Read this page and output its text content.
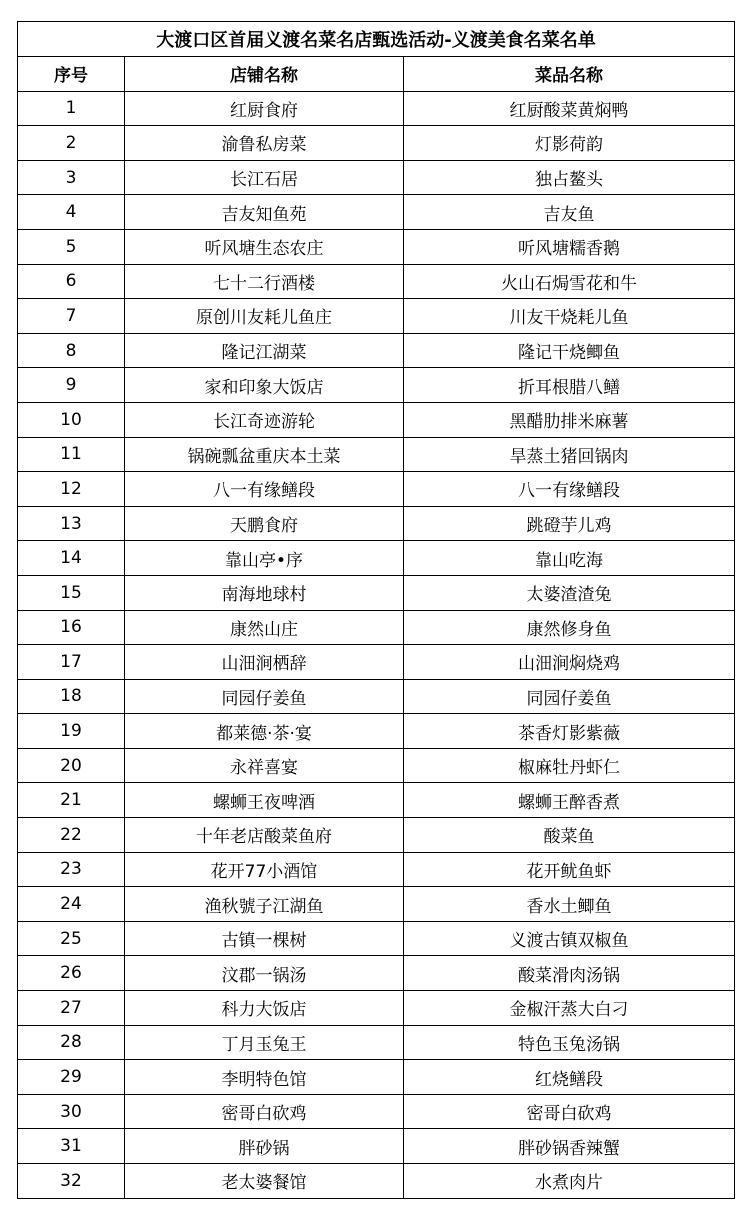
大渡口区首届义渡名菜名店甄选活动-义渡美食名菜名单		
序号	店铺名称	菜品名称
1	红厨食府	红厨酸菜黄焖鸭
2	渝鲁私房菜	灯影荷韵
3	长江石居	独占鳌头
4	吉友知鱼苑	吉友鱼
5	听风塘生态农庄	听风塘糯香鹅
6	七十二行酒楼	火山石焗雪花和牛
7	原创川友耗儿鱼庄	川友干烧耗儿鱼
8	隆记江湖菜	隆记干烧鲫鱼
9	家和印象大饭店	折耳根腊八鳝
10	长江奇迹游轮	黑醋肋排米麻薯
11	锅碗瓢盆重庆本土菜	旱蒸土猪回锅肉
12	八一有缘鳝段	八一有缘鳝段
13	天鹏食府	跳磴芋儿鸡
14	靠山亭•序	靠山吃海
15	南海地球村	太婆渣渣兔
16	康然山庄	康然修身鱼
17	山沺涧栖辞	山沺涧焖烧鸡
18	同园仔姜鱼	同园仔姜鱼
19	都莱德·茶·宴	茶香灯影紫薇
20	永祥喜宴	椒麻牡丹虾仁
21	螺蛳王夜啤酒	螺蛳王醉香煮
22	十年老店酸菜鱼府	酸菜鱼
23	花开77小酒馆	花开鱿鱼虾
24	渔秋號子江湖鱼	香水土鲫鱼
25	古镇一棵树	义渡古镇双椒鱼
26	汶郡一锅汤	酸菜滑肉汤锅
27	科力大饭店	金椒汗蒸大白刁
28	丁月玉兔王	特色玉兔汤锅
29	李明特色馆	红烧鳝段
30	密哥白砍鸡	密哥白砍鸡
31	胖砂锅	胖砂锅香辣蟹
32	老太婆餐馆	水煮肉片
